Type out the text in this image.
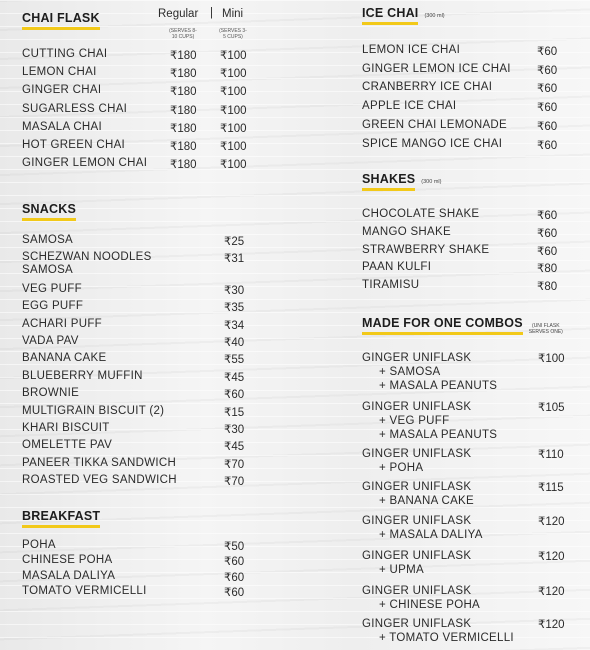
CHAI FLASK	Regular | Mini
(SERVES 8-10 CUPS)
(SERVES 3-5 CUPS)
CUTTING CHAI	₹180 ₹100
LEMON CHAI	₹180 ₹100
GINGER CHAI	₹180 ₹100
SUGARLESS CHAI	₹180 ₹100
MASALA CHAI	₹180 ₹100
HOT GREEN CHAI	₹180 ₹100
GINGER LEMON CHAI ₹180 ₹100
SNACKS
SAMOSA	₹25
SCHEZWAN NOODLES
SAMOSA
₹31
VEG PUFF	₹30
EGG PUFF	₹35
ACHARI PUFF	₹34
VADA PAV	₹40
BANANA CAKE	₹55
BLUEBERRY MUFFIN	₹45
BROWNIE	₹60
MULTIGRAIN BISCUIT (2)	₹15
KHARI BISCUIT	₹30
OMELETTE PAV	₹45
PANEER TIKKA SANDWICH	₹70
ROASTED VEG SANDWICH	₹70
BREAKFAST
POHA	₹50
CHINESE POHA	₹60
MASALA DALIYA	₹60
TOMATO VERMICELLI	₹60
ICE CHAI (300 ml)
LEMON ICE CHAI	₹60
GINGER LEMON ICE CHAI ₹60
CRANBERRY ICE CHAI	₹60
APPLE ICE CHAI	₹60
GREEN CHAI LEMONADE	₹60
SPICE MANGO ICE CHAI	₹60
SHAKES (300 ml)
CHOCOLATE SHAKE	₹60
MANGO SHAKE	₹60
STRAWBERRY SHAKE	₹60
PAAN KULFI	₹80
TIRAMISU	₹80
MADE FOR ONE COMBOS	(UNI FLASK
SERVES ONE)
GINGER UNIFLASK
+ SAMOSA
+ MASALA PEANUTS
₹100
GINGER UNIFLASK
+ VEG PUFF
+ MASALA PEANUTS
₹105
GINGER UNIFLASK
+ POHA
₹110
GINGER UNIFLASK
+ BANANA CAKE
₹115
GINGER UNIFLASK
+ MASALA DALIYA
₹120
GINGER UNIFLASK
+ UPMA
₹120
GINGER UNIFLASK
+ CHINESE POHA
₹120
GINGER UNIFLASK
+ TOMATO VERMICELLI
₹120
